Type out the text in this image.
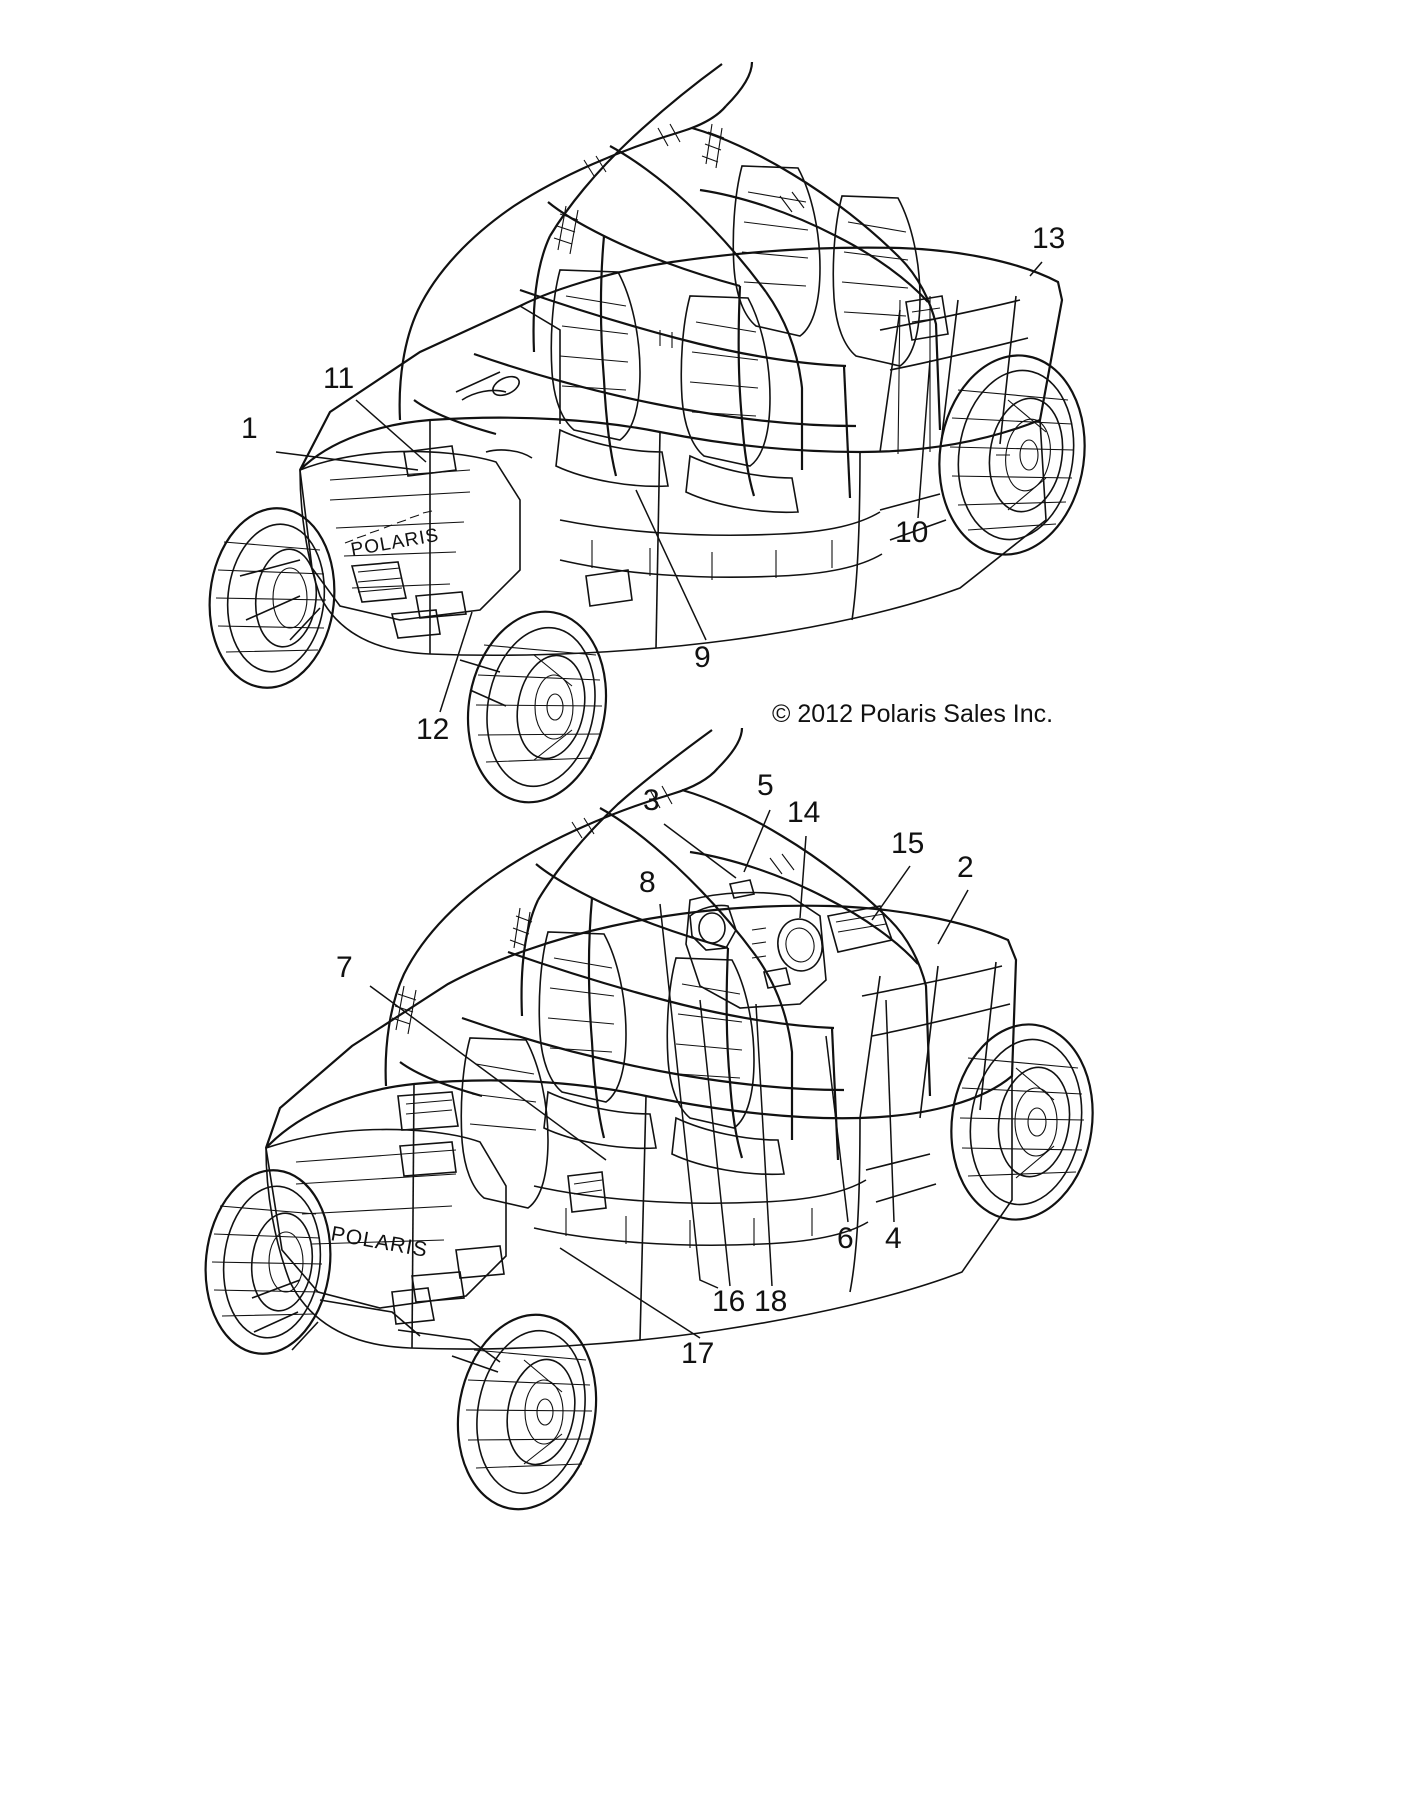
POLARIS
POLARIS
1
11
13
10
9
12
3	5
14
15
2
8
7
4
6
16 18
17
© 2012 Polaris Sales Inc.
